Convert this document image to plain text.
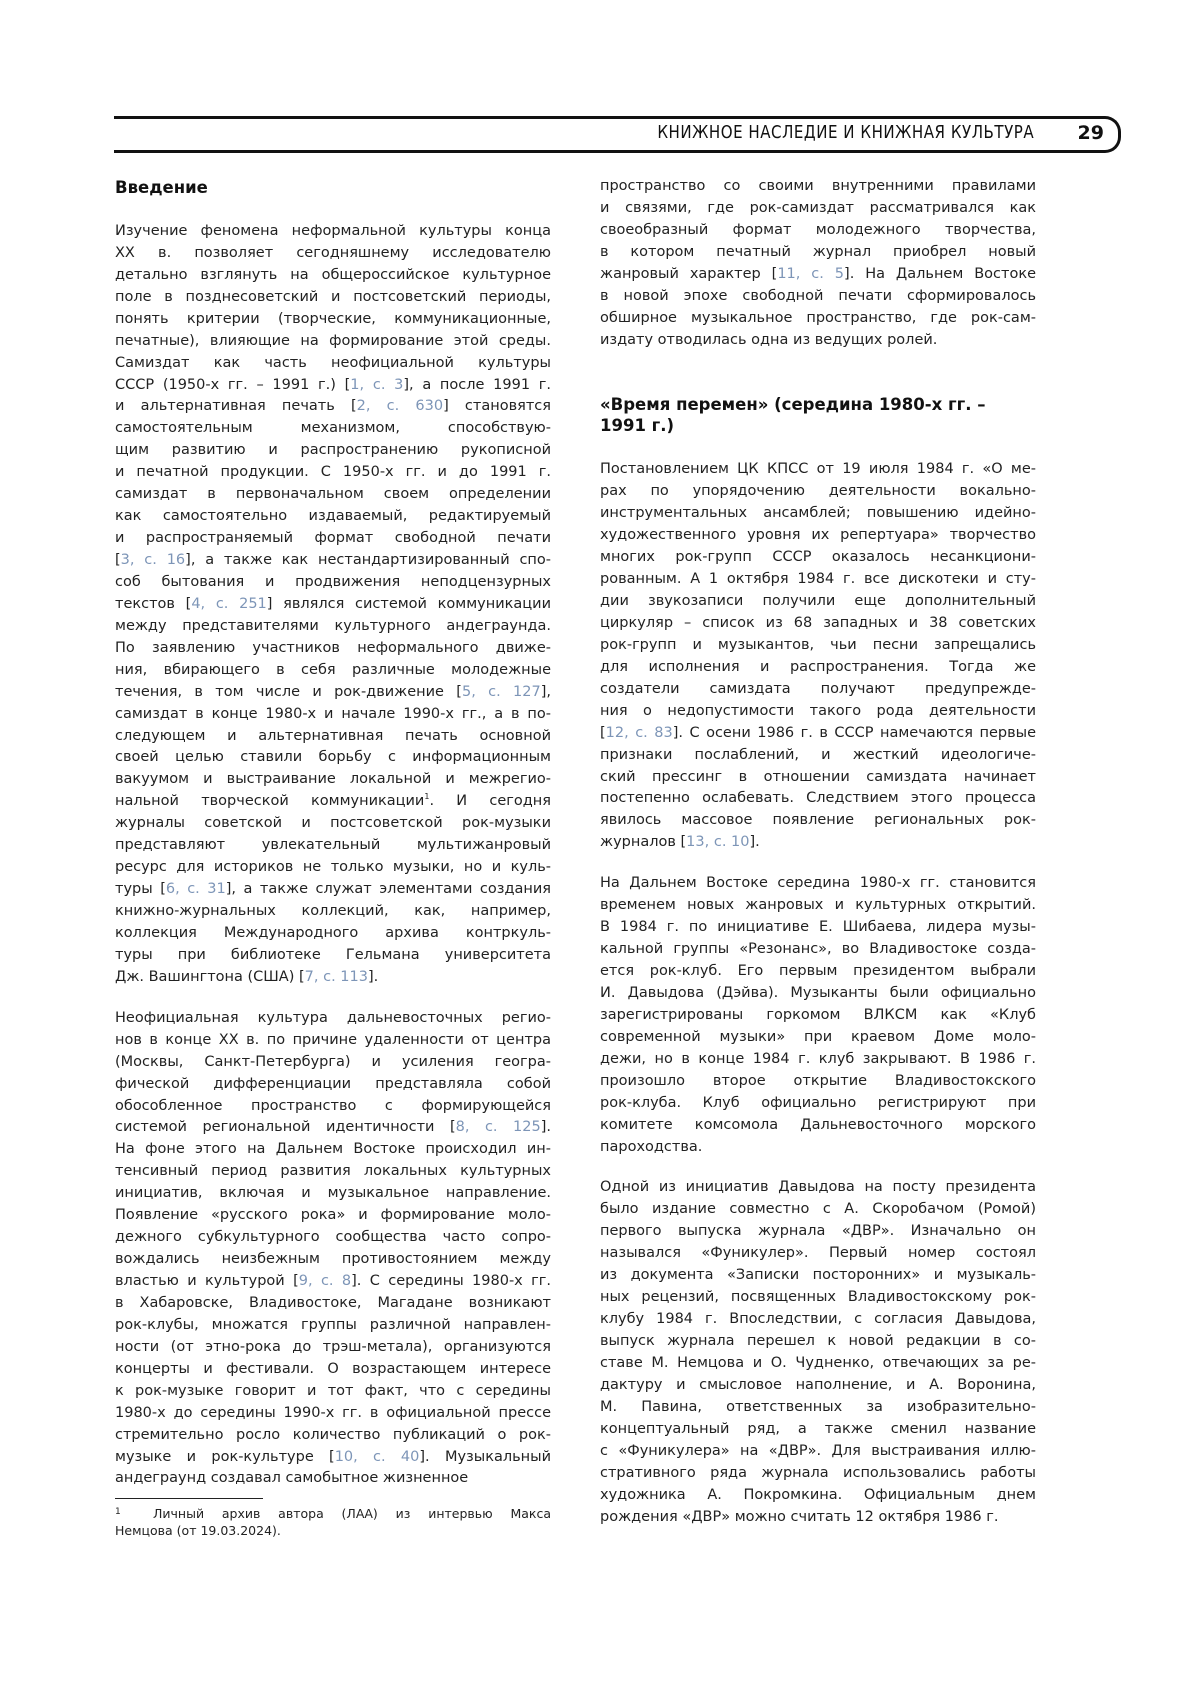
КНИЖНОЕ НАСЛЕДИЕ И КНИЖНАЯ КУЛЬТУРА 29
Введение
Изучение феномена неформальной культуры конца
XX в. позволяет сегодняшнему исследователю
детально взглянуть на общероссийское культурное
поле в позднесоветский и постсоветский периоды,
понять критерии (творческие, коммуникационные,
печатные), влияющие на формирование этой среды.
Самиздат как часть неофициальной культуры
СССР (1950-х гг. – 1991 г.) [1, с. 3], а после 1991 г.
и альтернативная печать [2, с. 630] становятся
самостоятельным механизмом, способствую-
щим развитию и распространению рукописной
и печатной продукции. С 1950-х гг. и до 1991 г.
самиздат в первоначальном своем определении
как самостоятельно издаваемый, редактируемый
и распространяемый формат свободной печати
[3, с. 16], а также как нестандартизированный спо-
соб бытования и продвижения неподцензурных
текстов [4, с. 251] являлся системой коммуникации
между представителями культурного андеграунда.
По заявлению участников неформального движе-
ния, вбирающего в себя различные молодежные
течения, в том числе и рок-движение [5, с. 127],
самиздат в конце 1980-х и начале 1990-х гг., а в по-
следующем и альтернативная печать основной
своей целью ставили борьбу с информационным
вакуумом и выстраивание локальной и межрегио-
нальной творческой коммуникации1. И сегодня
журналы советской и постсоветской рок-музыки
представляют увлекательный мультижанровый
ресурс для историков не только музыки, но и куль-
туры [6, с. 31], а также служат элементами создания
книжно-журнальных коллекций, как, например,
коллекция Международного архива контркуль-
туры при библиотеке Гельмана университета
Дж. Вашингтона (США) [7, с. 113].
Неофициальная культура дальневосточных регио-
нов в конце XX в. по причине удаленности от центра
(Москвы, Санкт-Петербурга) и усиления геогра-
фической дифференциации представляла собой
обособленное пространство с формирующейся
системой региональной идентичности [8, с. 125].
На фоне этого на Дальнем Востоке происходил ин-
тенсивный период развития локальных культурных
инициатив, включая и музыкальное направление.
Появление «русского рока» и формирование моло-
дежного субкультурного сообщества часто сопро-
вождались неизбежным противостоянием между
властью и культурой [9, с. 8]. С середины 1980-х гг.
в Хабаровске, Владивостоке, Магадане возникают
рок-клубы, множатся группы различной направлен-
ности (от этно-рока до трэш-метала), организуются
концерты и фестивали. О возрастающем интересе
к рок-музыке говорит и тот факт, что с середины
1980-х до середины 1990-х гг. в официальной прессе
стремительно росло количество публикаций о рок-
музыке и рок-культуре [10, с. 40]. Музыкальный
андеграунд создавал самобытное жизненное
пространство со своими внутренними правилами
и связями, где рок-самиздат рассматривался как
своеобразный формат молодежного творчества,
в котором печатный журнал приобрел новый
жанровый характер [11, с. 5]. На Дальнем Востоке
в новой эпохе свободной печати сформировалось
обширное музыкальное пространство, где рок-сам-
издату отводилась одна из ведущих ролей.
«Время перемен» (середина 1980-х гг. –
1991 г.)
Постановлением ЦК КПСС от 19 июля 1984 г. «О ме-
рах по упорядочению деятельности вокально-
инструментальных ансамблей; повышению идейно-
художественного уровня их репертуара» творчество
многих рок-групп СССР оказалось несанкциони-
рованным. А 1 октября 1984 г. все дискотеки и сту-
дии звукозаписи получили еще дополнительный
циркуляр – список из 68 западных и 38 советских
рок-групп и музыкантов, чьи песни запрещались
для исполнения и распространения. Тогда же
создатели самиздата получают предупрежде-
ния о недопустимости такого рода деятельности
[12, с. 83]. С осени 1986 г. в СССР намечаются первые
признаки послаблений, и жесткий идеологиче-
ский прессинг в отношении самиздата начинает
постепенно ослабевать. Следствием этого процесса
явилось массовое появление региональных рок-
журналов [13, с. 10].
На Дальнем Востоке середина 1980-х гг. становится
временем новых жанровых и культурных открытий.
В 1984 г. по инициативе Е. Шибаева, лидера музы-
кальной группы «Резонанс», во Владивостоке созда-
ется рок-клуб. Его первым президентом выбрали
И. Давыдова (Дэйва). Музыканты были официально
зарегистрированы горкомом ВЛКСМ как «Клуб
современной музыки» при краевом Доме моло-
дежи, но в конце 1984 г. клуб закрывают. В 1986 г.
произошло второе открытие Владивостокского
рок-клуба. Клуб официально регистрируют при
комитете комсомола Дальневосточного морского
пароходства.
Одной из инициатив Давыдова на посту президента
было издание совместно с А. Скоробачом (Ромой)
первого выпуска журнала «ДВР». Изначально он
назывался «Фуникулер». Первый номер состоял
из документа «Записки посторонних» и музыкаль-
ных рецензий, посвященных Владивостокскому рок-
клубу 1984 г. Впоследствии, с согласия Давыдова,
выпуск журнала перешел к новой редакции в со-
ставе М. Немцова и О. Чудненко, отвечающих за ре-
дактуру и смысловое наполнение, и А. Воронина,
М. Павина, ответственных за изобразительно-
концептуальный ряд, а также сменил название
с «Фуникулера» на «ДВР». Для выстраивания иллю-
стративного ряда журнала использовались работы
художника А. Покромкина. Официальным днем
рождения «ДВР» можно считать 12 октября 1986 г.
1	Личный архив автора (ЛАА) из интервью Макса
Немцова (от 19.03.2024).
